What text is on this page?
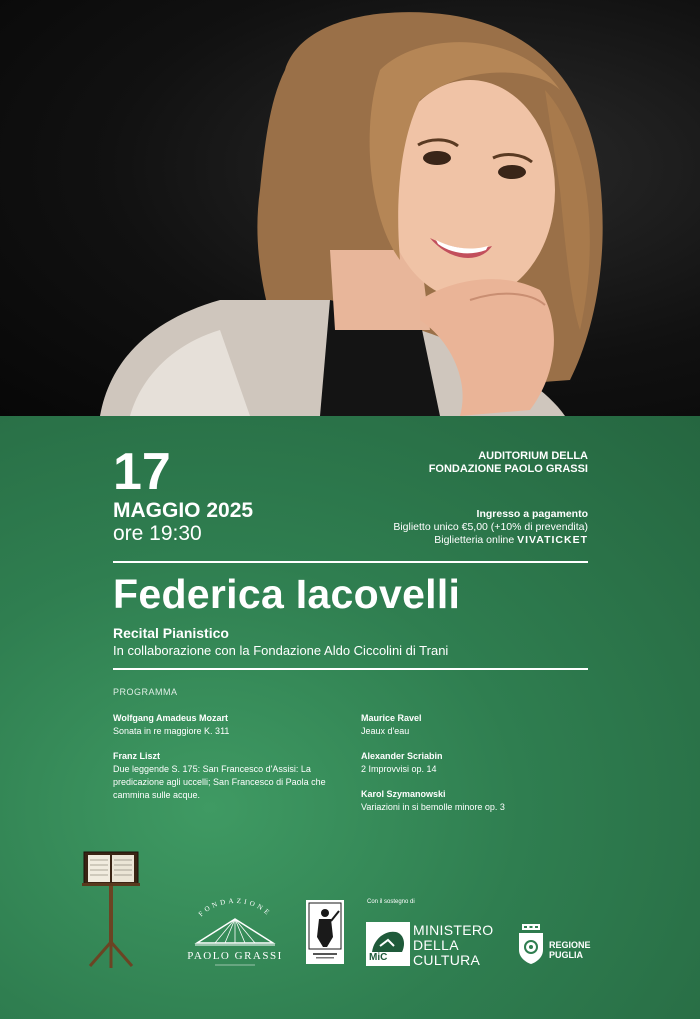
17
MAGGIO 2025
ore 19:30
AUDITORIUM DELLA
FONDAZIONE PAOLO GRASSI
Ingresso a pagamento
Biglietto unico €5,00 (+10% di prevendita)
Biglietteria online VIVATICKET
Federica Iacovelli
Recital Pianistico
In collaborazione con la Fondazione Aldo Ciccolini di Trani
PROGRAMMA
Wolfgang Amadeus Mozart
Sonata in re maggiore K. 311
Franz Liszt
Due leggende S. 175: San Francesco d'Assisi: La predicazione agli uccelli; San Francesco di Paola che cammina sulle acque.
Maurice Ravel
Jeaux d'eau
Alexander Scriabin
2 Improvvisi op. 14
Karol Szymanowski
Variazioni in si bemolle minore op. 3
FONDAZIONE
PAOLO GRASSI
Con il sostegno di
MiC
MINISTERO
DELLA
CULTURA
REGIONE
PUGLIA
